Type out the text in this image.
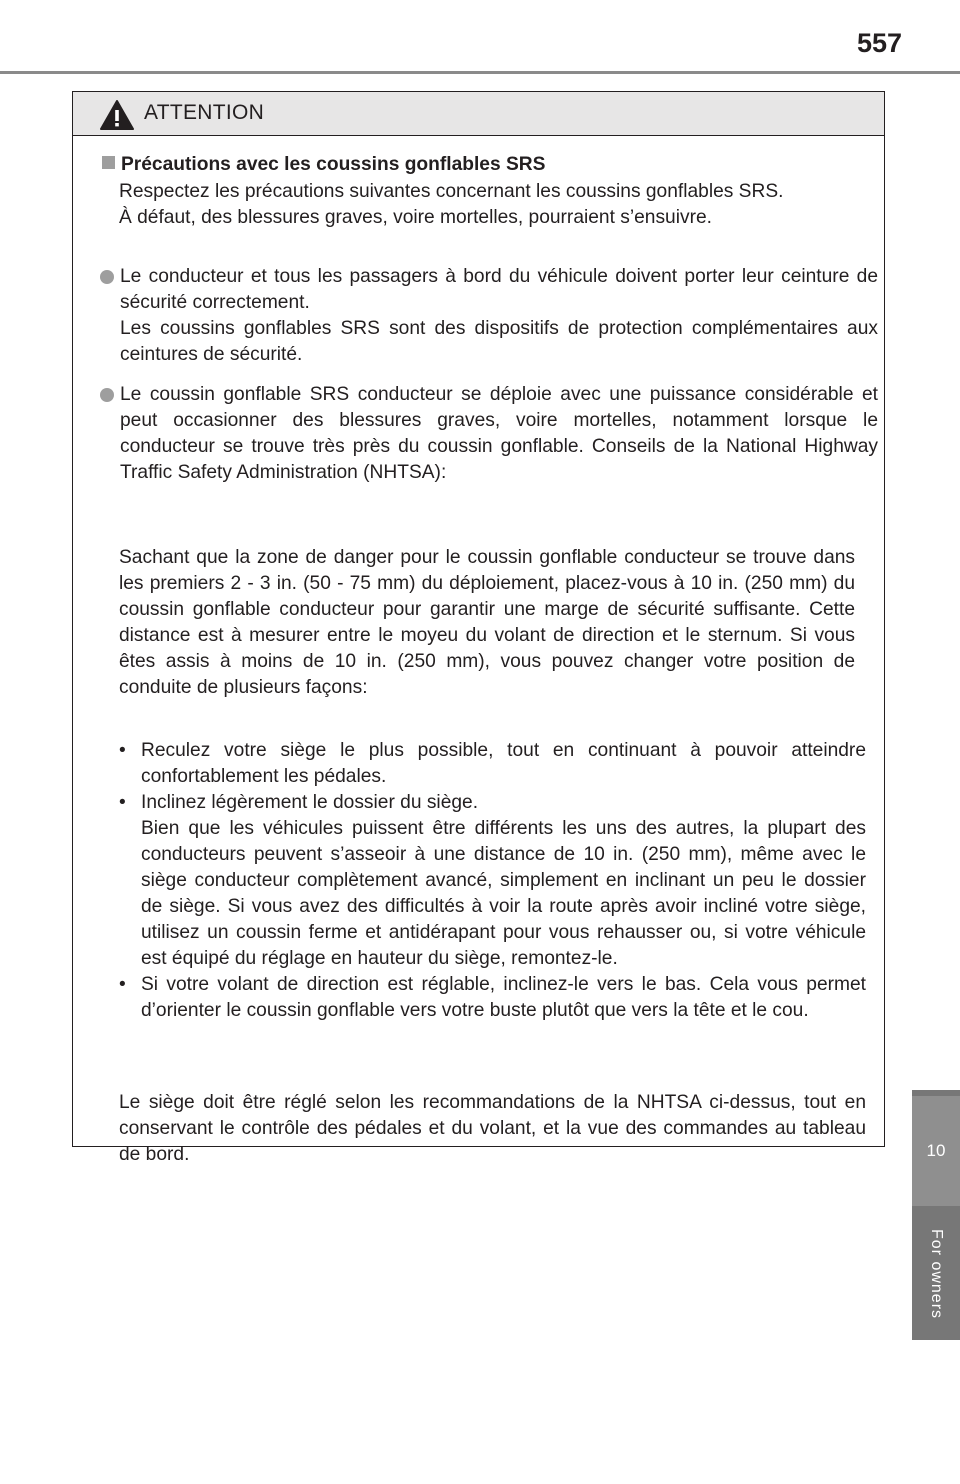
557
10
For owners
ATTENTION
Précautions avec les coussins gonflables SRS

Respectez les précautions suivantes concernant les coussins gonflables SRS.

À défaut, des blessures graves, voire mortelles, pourraient s’ensuivre.

Le conducteur et tous les passagers à bord du véhicule doivent porter leur ceinture de sécurité correctement.

Les coussins gonflables SRS sont des dispositifs de protection complémentaires aux ceintures de sécurité.

Le coussin gonflable SRS conducteur se déploie avec une puissance considérable et peut occasionner des blessures graves, voire mortelles, notamment lorsque le conducteur se trouve très près du coussin gonflable. Conseils de la National Highway Traffic Safety Administration (NHTSA):

Sachant que la zone de danger pour le coussin gonflable conducteur se trouve dans les premiers 2 - 3 in. (50 - 75 mm) du déploiement, placez-vous à 10 in. (250 mm) du coussin gonflable conducteur pour garantir une marge de sécurité suffisante. Cette distance est à mesurer entre le moyeu du volant de direction et le sternum. Si vous êtes assis à moins de 10 in. (250 mm), vous pouvez changer votre position de conduite de plusieurs façons:

• Reculez votre siège le plus possible, tout en continuant à pouvoir atteindre confortablement les pédales.
• Inclinez légèrement le dossier du siège.
Bien que les véhicules puissent être différents les uns des autres, la plupart des conducteurs peuvent s’asseoir à une distance de 10 in. (250 mm), même avec le siège conducteur complètement avancé, simplement en inclinant un peu le dossier de siège. Si vous avez des difficultés à voir la route après avoir incliné votre siège, utilisez un coussin ferme et antidérapant pour vous rehausser ou, si votre véhicule est équipé du réglage en hauteur du siège, remontez-le.
• Si votre volant de direction est réglable, inclinez-le vers le bas. Cela vous permet d’orienter le coussin gonflable vers votre buste plutôt que vers la tête et le cou.

Le siège doit être réglé selon les recommandations de la NHTSA ci-dessus, tout en conservant le contrôle des pédales et du volant, et la vue des commandes au tableau de bord.
